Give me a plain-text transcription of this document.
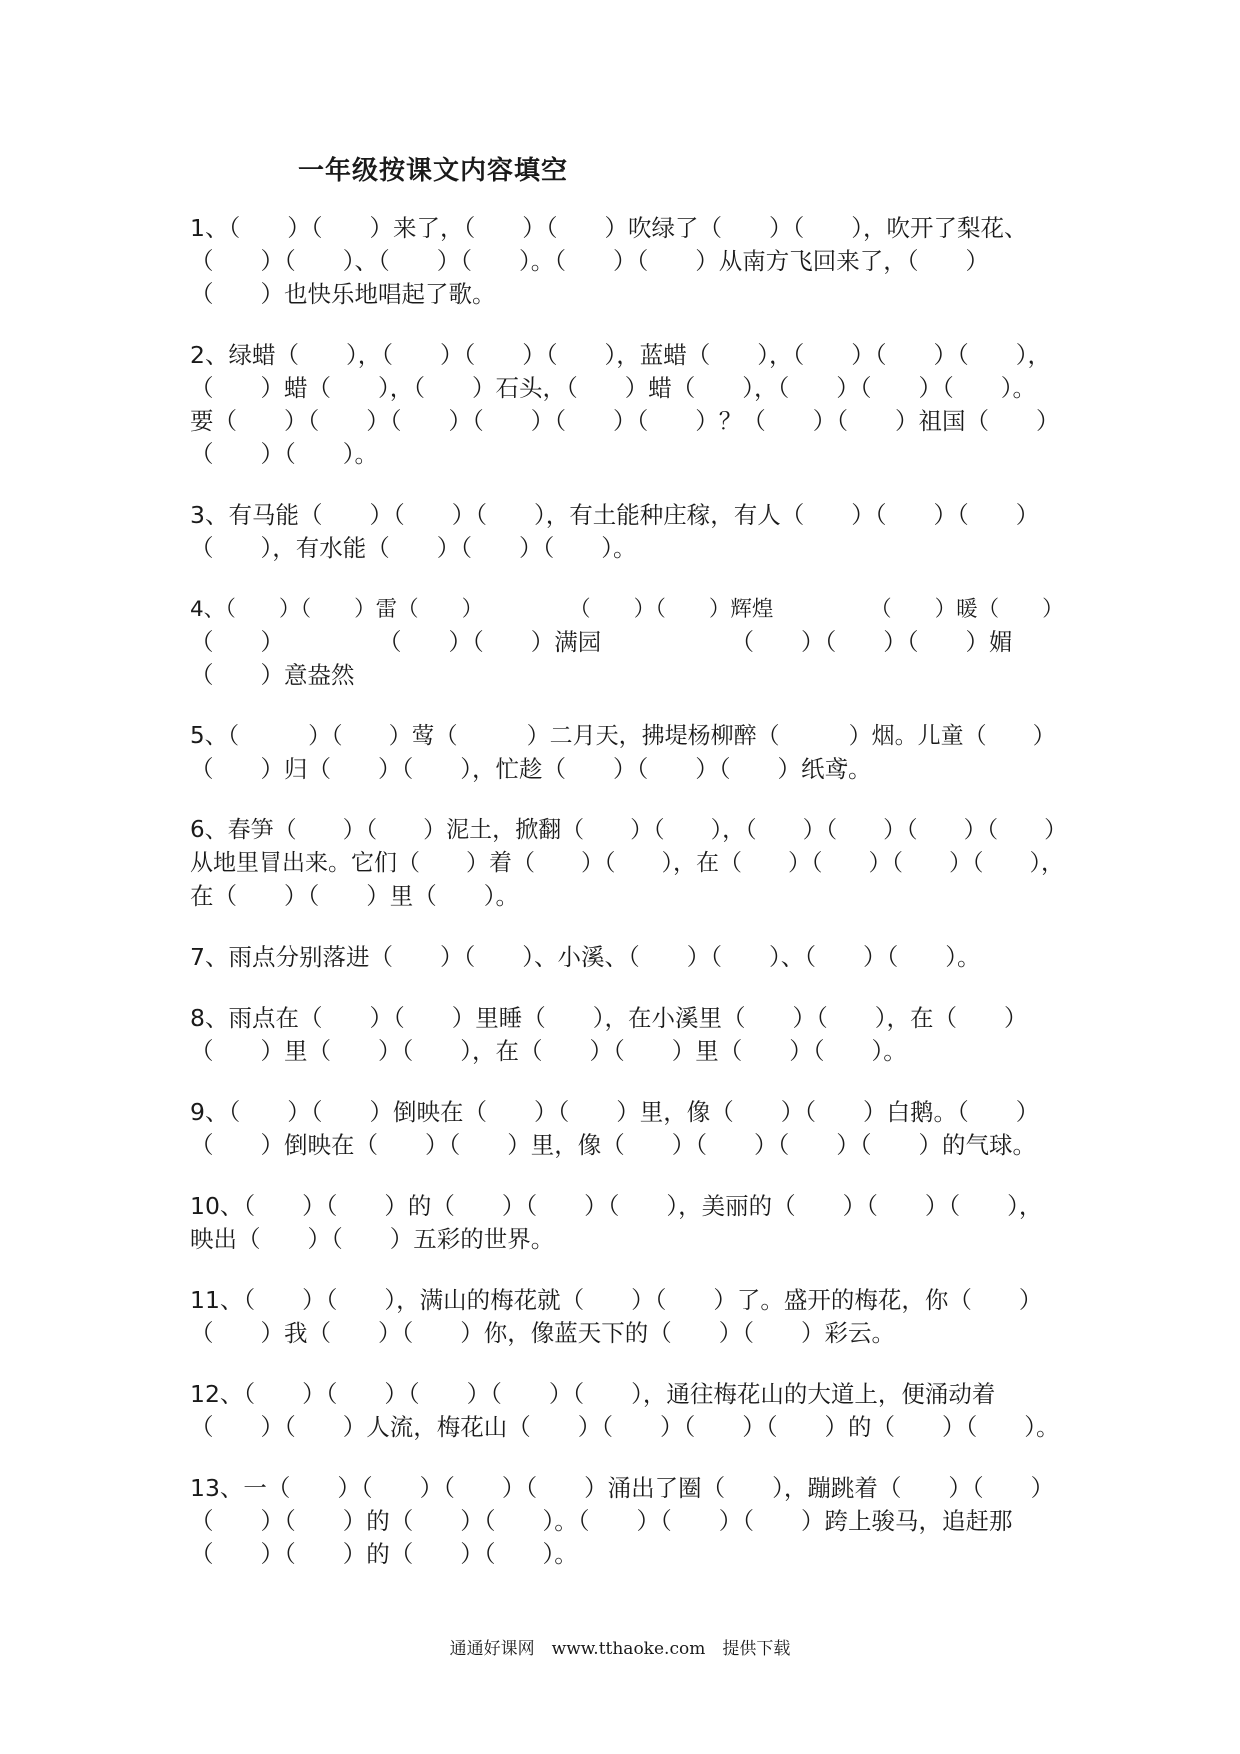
一年级按课文内容填空
1、（　　）（　　）来了，（　　）（　　）吹绿了（　　）（　　），吹开了梨花、
（　　）（　　）、（　　）（　　）。（　　）（　　）从南方飞回来了，（　　）
（　　）也快乐地唱起了歌。
2、绿蜡（　　），（　　）（　　）（　　），蓝蜡（　　），（　　）（　　）（　　），
（　　）蜡（　　），（　　）石头，（　　）蜡（　　），（　　）（　　）（　　）。
要（　　）（　　）（　　）（　　）（　　）（　　）？（　　）（　　）祖国（　　）
（　　）（　　）。
3、有马能（　　）（　　）（　　），有土能种庄稼，有人（　　）（　　）（　　）
（　　），有水能（　　）（　　）（　　）。
4、（　　）（　　）雷（　　）　　　　　（　　）（　　）辉煌　　　　　（　　）暖（　　）
（　　）　　　　　（　　）（　　）满园　　　　　　（　　）（　　）（　　）媚
（　　）意盎然
5、（　　　）（　　）莺（　　　）二月天，拂堤杨柳醉（　　　）烟。儿童（　　）
（　　）归（　　）（　　），忙趁（　　）（　　）（　　）纸鸢。
6、春笋（　　）（　　）泥土，掀翻（　　）（　　），（　　）（　　）（　　）（　　）
从地里冒出来。它们（　　）着（　　）（　　），在（　　）（　　）（　　）（　　），
在（　　）（　　）里（　　）。
7、雨点分别落进（　　）（　　）、小溪、（　　）（　　）、（　　）（　　）。
8、雨点在（　　）（　　）里睡（　　），在小溪里（　　）（　　），在（　　）
（　　）里（　　）（　　），在（　　）（　　）里（　　）（　　）。
9、（　　）（　　）倒映在（　　）（　　）里，像（　　）（　　）白鹅。（　　）
（　　）倒映在（　　）（　　）里，像（　　）（　　）（　　）（　　）的气球。
10、（　　）（　　）的（　　）（　　）（　　），美丽的（　　）（　　）（　　），
映出（　　）（　　）五彩的世界。
11、（　　）（　　），满山的梅花就（　　）（　　）了。盛开的梅花，你（　　）
（　　）我（　　）（　　）你，像蓝天下的（　　）（　　）彩云。
12、（　　）（　　）（　　）（　　）（　　），通往梅花山的大道上，便涌动着
（　　）（　　）人流，梅花山（　　）（　　）（　　）（　　）的（　　）（　　）。
13、一（　　）（　　）（　　）（　　）涌出了圈（　　），蹦跳着（　　）（　　）
（　　）（　　）的（　　）（　　）。（　　）（　　）（　　）跨上骏马，追赶那
（　　）（　　）的（　　）（　　）。
通通好课网　www.tthaoke.com　提供下载
